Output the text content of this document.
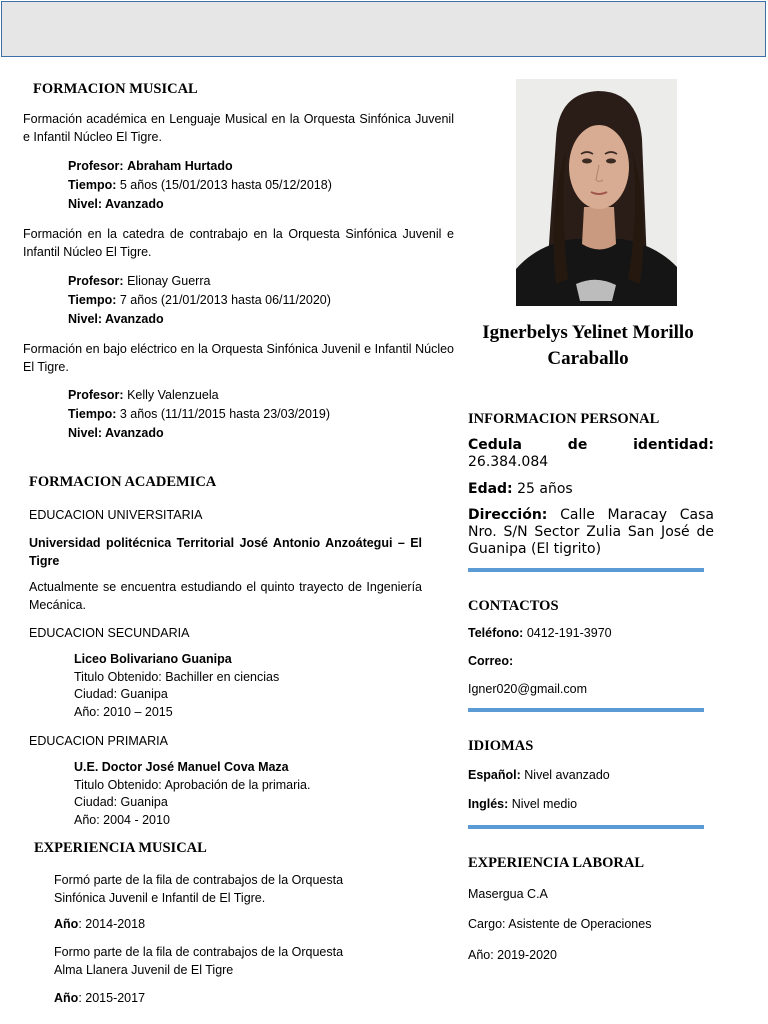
FORMACION MUSICAL
Formación académica en Lenguaje Musical en la Orquesta Sinfónica Juvenil e Infantil Núcleo El Tigre.
Profesor: Abraham Hurtado
Tiempo: 5 años (15/01/2013 hasta 05/12/2018)
Nivel: Avanzado
Formación en la catedra de contrabajo en la Orquesta Sinfónica Juvenil e Infantil Núcleo El Tigre.
Profesor: Elionay Guerra
Tiempo: 7 años (21/01/2013 hasta 06/11/2020)
Nivel: Avanzado
Formación en bajo eléctrico en la Orquesta Sinfónica Juvenil e Infantil Núcleo El Tigre.
Profesor: Kelly Valenzuela
Tiempo: 3 años (11/11/2015 hasta 23/03/2019)
Nivel: Avanzado
FORMACION ACADEMICA
EDUCACION UNIVERSITARIA
Universidad politécnica Territorial José Antonio Anzoátegui – El Tigre
Actualmente se encuentra estudiando el quinto trayecto de Ingeniería Mecánica.
EDUCACION SECUNDARIA
Liceo Bolivariano Guanipa
Titulo Obtenido: Bachiller en ciencias
Ciudad: Guanipa
Año: 2010 – 2015
EDUCACION PRIMARIA
U.E. Doctor José Manuel Cova Maza
Titulo Obtenido: Aprobación de la primaria.
Ciudad: Guanipa
Año: 2004 - 2010
EXPERIENCIA MUSICAL
Formó parte de la fila de contrabajos de la Orquesta Sinfónica Juvenil e Infantil de El Tigre.
Año: 2014-2018
Formo parte de la fila de contrabajos de la Orquesta Alma Llanera Juvenil de El Tigre
Año: 2015-2017
Ignerbelys Yelinet Morillo Caraballo
INFORMACION PERSONAL
Cedula de identidad:
26.384.084
Edad: 25 años
Dirección: Calle Maracay Casa Nro. S/N Sector Zulia San José de Guanipa (El tigrito)
CONTACTOS
Teléfono: 0412-191-3970
Correo:
Igner020@gmail.com
IDIOMAS
Español: Nivel avanzado
Inglés: Nivel medio
EXPERIENCIA LABORAL
Masergua C.A
Cargo: Asistente de Operaciones
Año: 2019-2020
